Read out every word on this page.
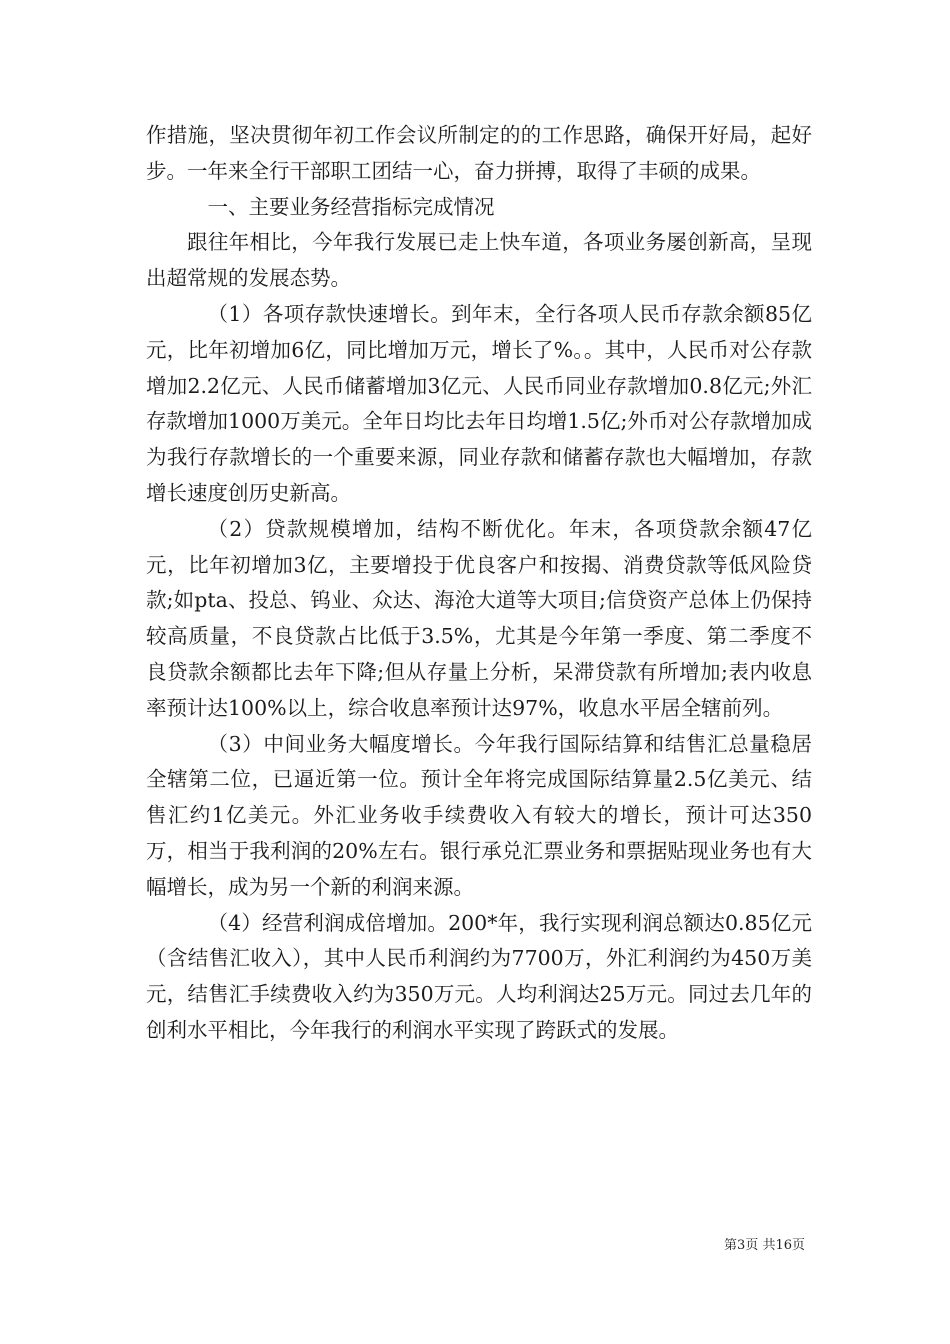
作措施，坚决贯彻年初工作会议所制定的的工作思路，确保开好局，起好步。一年来全行干部职工团结一心，奋力拼搏，取得了丰硕的成果。

一、主要业务经营指标完成情况

跟往年相比，今年我行发展已走上快车道，各项业务屡创新高，呈现出超常规的发展态势。

（1）各项存款快速增长。到年末，全行各项人民币存款余额85亿元，比年初增加6亿，同比增加万元，增长了%。。其中，人民币对公存款增加2.2亿元、人民币储蓄增加3亿元、人民币同业存款增加0.8亿元;外汇存款增加1000万美元。全年日均比去年日均增1.5亿;外币对公存款增加成为我行存款增长的一个重要来源，同业存款和储蓄存款也大幅增加，存款增长速度创历史新高。

（2）贷款规模增加，结构不断优化。年末，各项贷款余额47亿元，比年初增加3亿，主要增投于优良客户和按揭、消费贷款等低风险贷款;如pta、投总、钨业、众达、海沧大道等大项目;信贷资产总体上仍保持较高质量，不良贷款占比低于3.5%，尤其是今年第一季度、第二季度不良贷款余额都比去年下降;但从存量上分析，呆滞贷款有所增加;表内收息率预计达100%以上，综合收息率预计达97%，收息水平居全辖前列。

（3）中间业务大幅度增长。今年我行国际结算和结售汇总量稳居全辖第二位，已逼近第一位。预计全年将完成国际结算量2.5亿美元、结售汇约1亿美元。外汇业务收手续费收入有较大的增长，预计可达350万，相当于我利润的20%左右。银行承兑汇票业务和票据贴现业务也有大幅增长，成为另一个新的利润来源。

（4）经营利润成倍增加。200*年，我行实现利润总额达0.85亿元（含结售汇收入），其中人民币利润约为7700万，外汇利润约为450万美元，结售汇手续费收入约为350万元。人均利润达25万元。同过去几年的创利水平相比，今年我行的利润水平实现了跨跃式的发展。

第3页 共16页
